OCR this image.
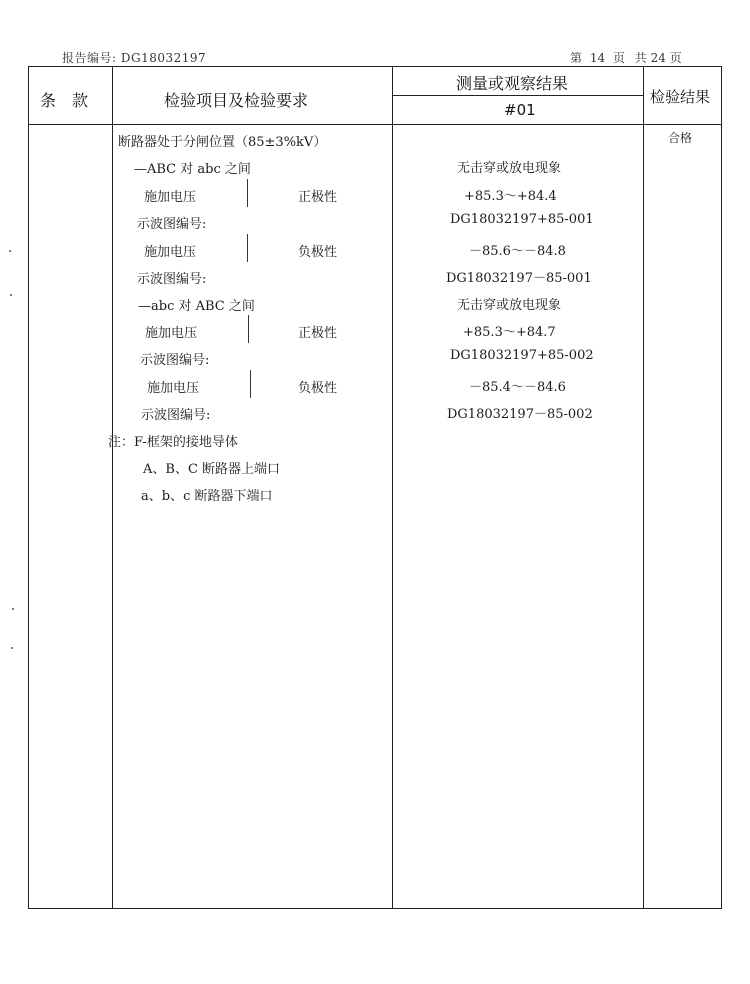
报告编号: DG18032197	第 14 页 共 24 页
条　款	检验项目及检验要求
测量或观察结果
#01
检验结果
断路器处于分闸位置（85±3%kV）	合格
—ABC 对 abc 之间	无击穿或放电现象
施加电压	正极性	+85.3～+84.4
示波图编号:	DG18032197+85-001
施加电压	负极性	－85.6～－84.8
示波图编号:	DG18032197－85-001
—abc 对 ABC 之间	无击穿或放电现象
施加电压	正极性	+85.3～+84.7
示波图编号:	DG18032197+85-002
施加电压	负极性	－85.4～－84.6
示波图编号:	DG18032197－85-002
注：F-框架的接地导体
A、B、C 断路器上端口
a、b、c 断路器下端口
